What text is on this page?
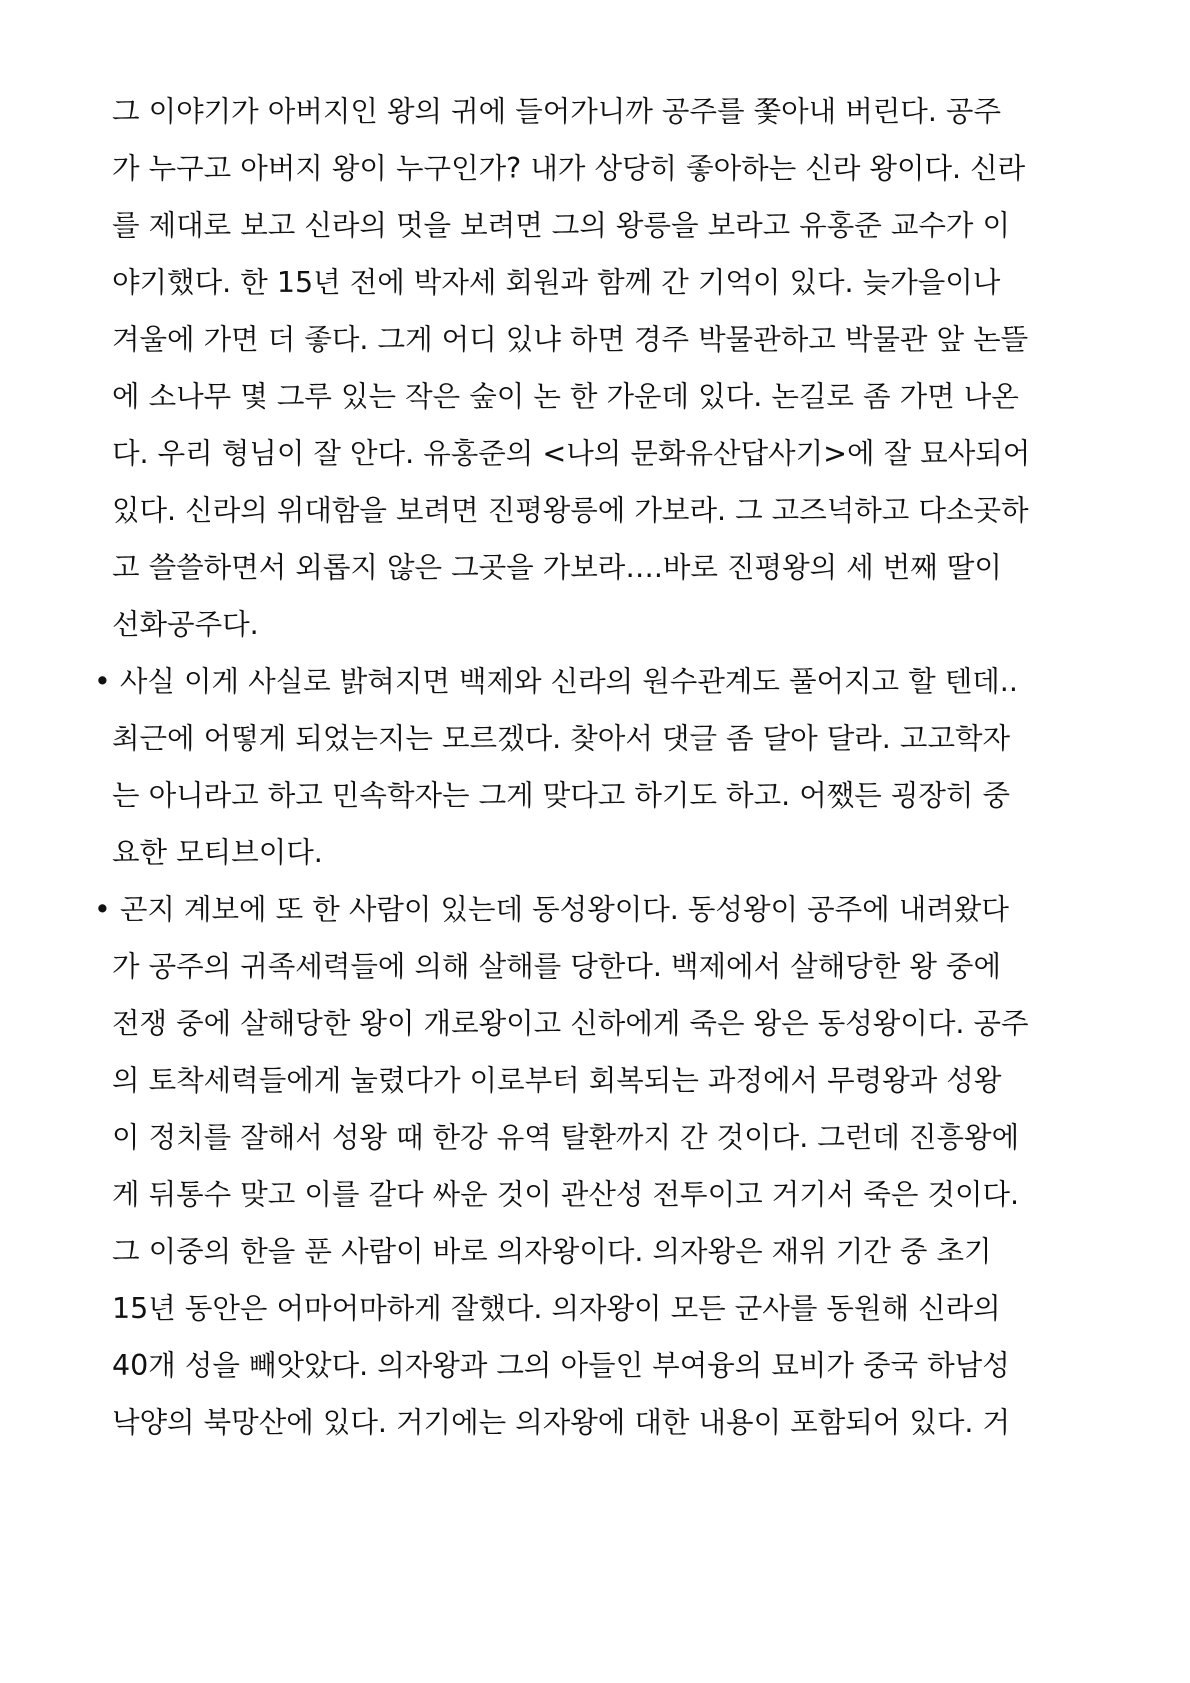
그 이야기가 아버지인 왕의 귀에 들어가니까 공주를 쫓아내 버린다. 공주
가 누구고 아버지 왕이 누구인가? 내가 상당히 좋아하는 신라 왕이다. 신라
를 제대로 보고 신라의 멋을 보려면 그의 왕릉을 보라고 유홍준 교수가 이
야기했다. 한 15년 전에 박자세 회원과 함께 간 기억이 있다. 늦가을이나
겨울에 가면 더 좋다. 그게 어디 있냐 하면 경주 박물관하고 박물관 앞 논뜰
에 소나무 몇 그루 있는 작은 숲이 논 한 가운데 있다. 논길로 좀 가면 나온
다. 우리 형님이 잘 안다. 유홍준의 <나의 문화유산답사기>에 잘 묘사되어
있다. 신라의 위대함을 보려면 진평왕릉에 가보라. 그 고즈넉하고 다소곳하
고 쓸쓸하면서 외롭지 않은 그곳을 가보라….바로 진평왕의 세 번째 딸이
선화공주다.
• 사실 이게 사실로 밝혀지면 백제와 신라의 원수관계도 풀어지고 할 텐데..
최근에 어떻게 되었는지는 모르겠다. 찾아서 댓글 좀 달아 달라. 고고학자
는 아니라고 하고 민속학자는 그게 맞다고 하기도 하고. 어쨌든 굉장히 중
요한 모티브이다.
• 곤지 계보에 또 한 사람이 있는데 동성왕이다. 동성왕이 공주에 내려왔다
가 공주의 귀족세력들에 의해 살해를 당한다. 백제에서 살해당한 왕 중에
전쟁 중에 살해당한 왕이 개로왕이고 신하에게 죽은 왕은 동성왕이다. 공주
의 토착세력들에게 눌렸다가 이로부터 회복되는 과정에서 무령왕과 성왕
이 정치를 잘해서 성왕 때 한강 유역 탈환까지 간 것이다. 그런데 진흥왕에
게 뒤통수 맞고 이를 갈다 싸운 것이 관산성 전투이고 거기서 죽은 것이다.
그 이중의 한을 푼 사람이 바로 의자왕이다. 의자왕은 재위 기간 중 초기
15년 동안은 어마어마하게 잘했다. 의자왕이 모든 군사를 동원해 신라의
40개 성을 빼앗았다. 의자왕과 그의 아들인 부여융의 묘비가 중국 하남성
낙양의 북망산에 있다. 거기에는 의자왕에 대한 내용이 포함되어 있다. 거
